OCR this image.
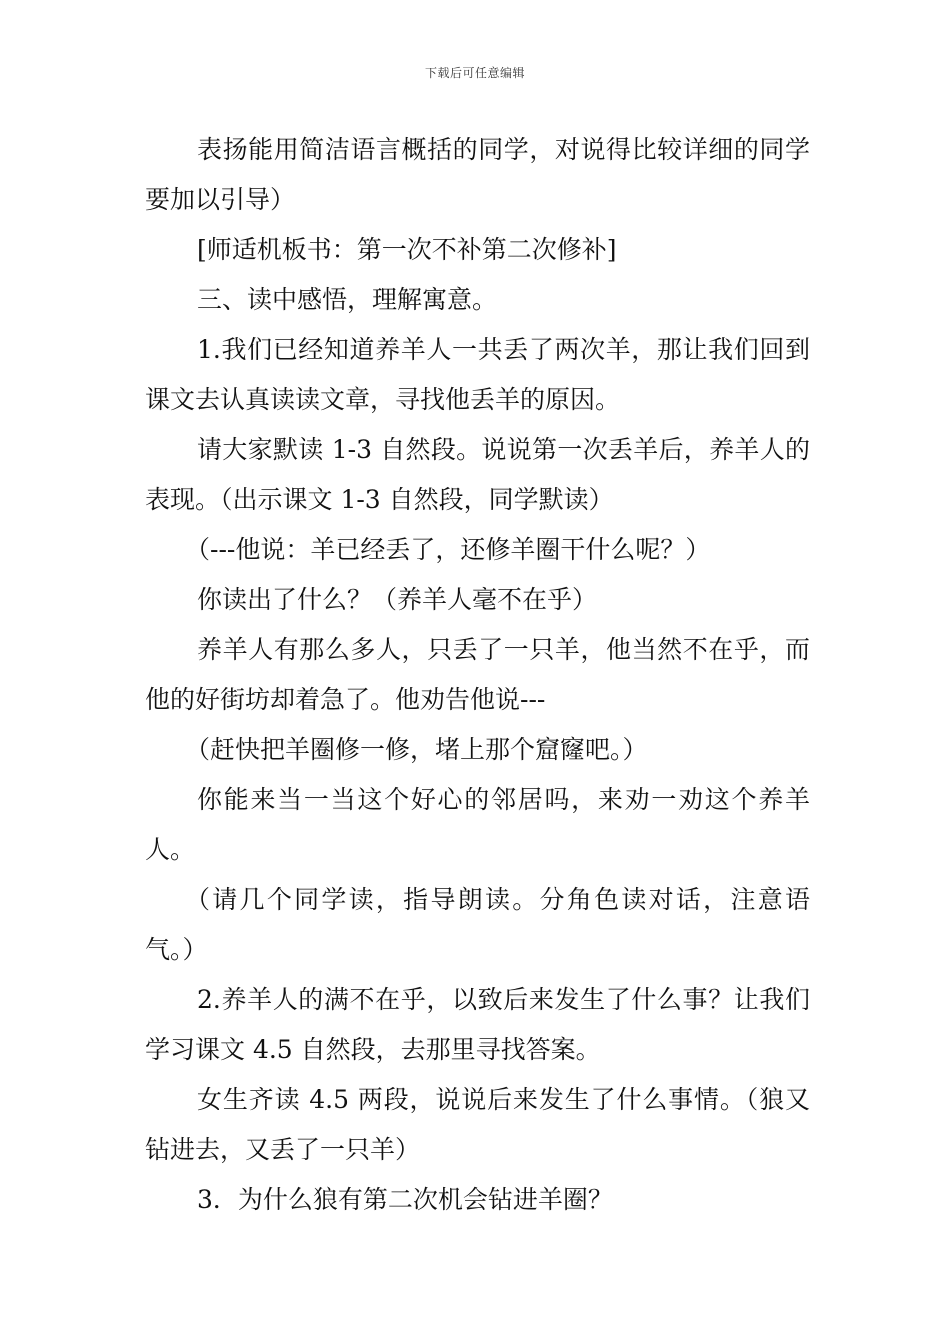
下载后可任意编辑

表扬能用简洁语言概括的同学，对说得比较详细的同学要加以引导）

[师适机板书：第一次不补第二次修补]

三、读中感悟，理解寓意。

1.我们已经知道养羊人一共丢了两次羊，那让我们回到课文去认真读读文章，寻找他丢羊的原因。

请大家默读 1-3 自然段。说说第一次丢羊后，养羊人的表现。（出示课文 1-3 自然段，同学默读）

（---他说：羊已经丢了，还修羊圈干什么呢？）

你读出了什么？（养羊人毫不在乎）

养羊人有那么多人，只丢了一只羊，他当然不在乎，而他的好街坊却着急了。他劝告他说---

（赶快把羊圈修一修，堵上那个窟窿吧。）

你能来当一当这个好心的邻居吗，来劝一劝这个养羊人。

（请几个同学读，指导朗读。分角色读对话，注意语气。）

2.养羊人的满不在乎，以致后来发生了什么事？让我们学习课文 4.5 自然段，去那里寻找答案。

女生齐读 4.5 两段，说说后来发生了什么事情。（狼又钻进去，又丢了一只羊）

3．为什么狼有第二次机会钻进羊圈？
